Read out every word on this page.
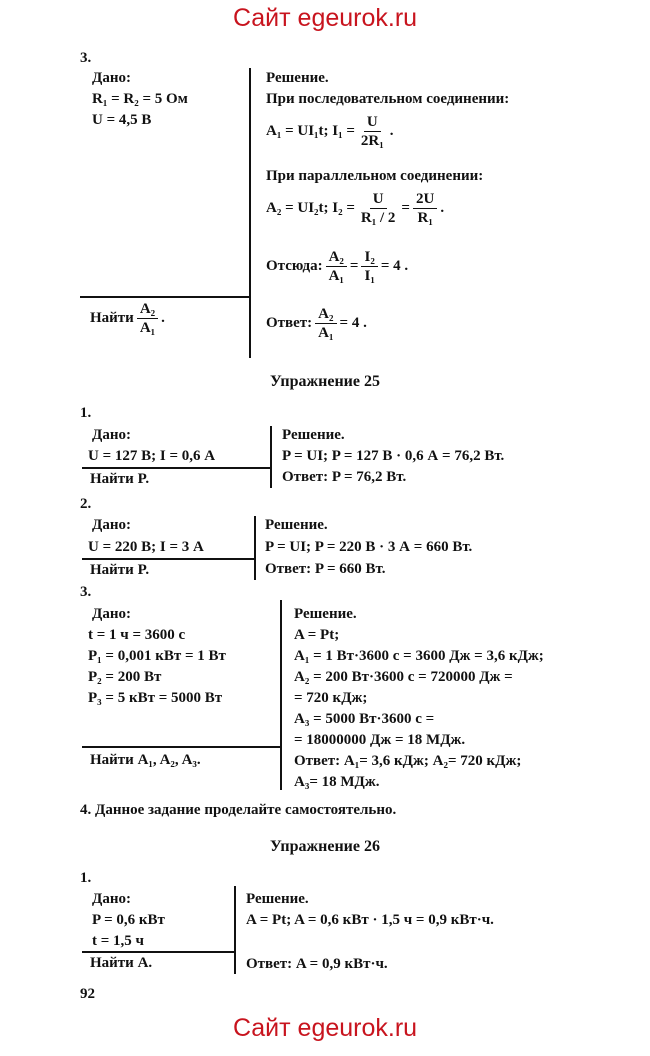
Сайт egeurok.ru
3.
Дано:
R₁ = R₂ = 5 Ом
U = 4,5 В
Найти $\frac{\text{A₂}}{\text{A₁}}$ .
Решение.
При последовательном соединении:
A₁ = UI₁t; $I_1 = \frac{U}{\text{2R₁}}$ .
При параллельном соединении:
A₂ = UI₂t; $I_2 = \frac{U}{\text{R₁ / 2}} = \frac{2U}{\text{R₁}}$ .
Отсюда: $\frac{\text{A₂}}{\text{A₁}} = \frac{\text{I₂}}{\text{I₁}} = 4$ .
Ответ: $\frac{\text{A₂}}{\text{A₁}} = 4$ .
Упражнение 25
1.
Дано:
U = 127 В; I = 0,6 А
Найти P.
Решение.
P = UI; P = 127 В · 0,6 А = 76,2 Вт.
Ответ: P = 76,2 Вт.
2.
Дано:
U = 220 В; I = 3 А
Найти P.
Решение.
P = UI; P = 220 В · 3 А = 660 Вт.
Ответ: P = 660 Вт.
3.
Дано:
t = 1 ч = 3600 с
P₁ = 0,001 кВт = 1 Вт
P₂ = 200 Вт
P₃ = 5 кВт = 5000 Вт
Найти A₁, A₂, A₃.
Решение.
A = Pt;
A₁ = 1 Вт·3600 с = 3600 Дж = 3,6 кДж;
A₂ = 200 Вт·3600 с = 720000 Дж =
= 720 кДж;
A₃ = 5000 Вт·3600 с =
= 18000000 Дж = 18 МДж.
Ответ: A₁= 3,6 кДж; A₂= 720 кДж;
A₃= 18 МДж.
4. Данное задание проделайте самостоятельно.
Упражнение 26
1.
Дано:
P = 0,6 кВт
t = 1,5 ч
Найти A.
Решение.
A = Pt; A = 0,6 кВт · 1,5 ч = 0,9 кВт·ч.
Ответ: A = 0,9 кВт·ч.
92
Сайт egeurok.ru
